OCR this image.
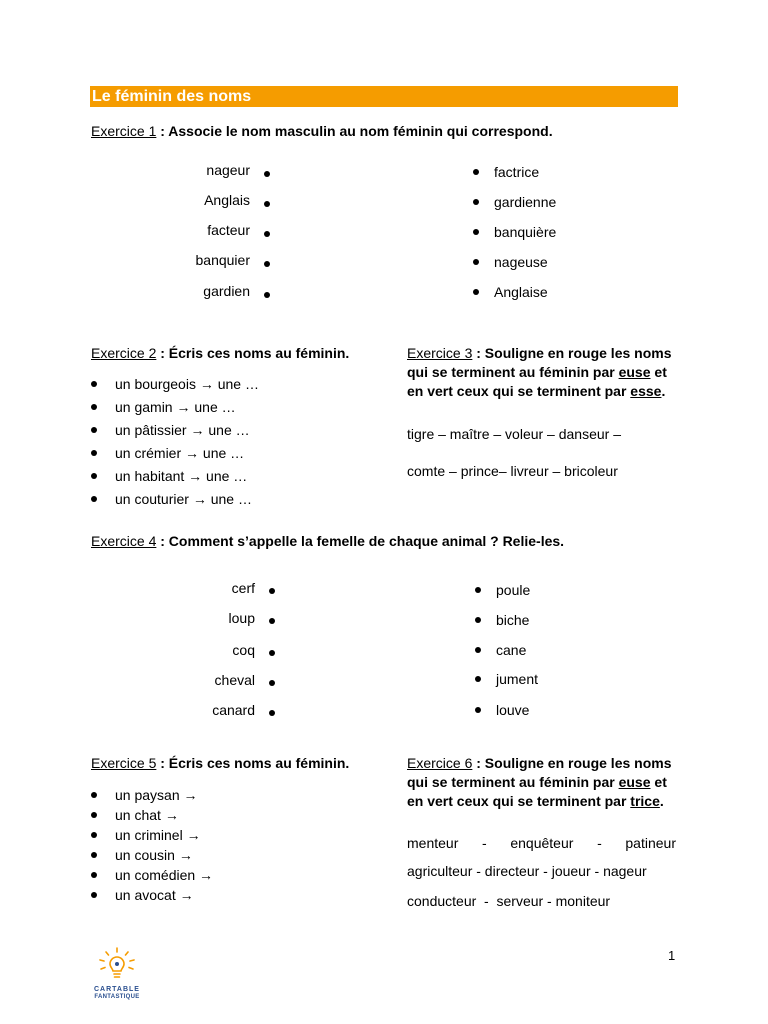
Le féminin des noms
Exercice 1 : Associe le nom masculin au nom féminin qui correspond.
nageur
Anglais
facteur
banquier
gardien
factrice
gardienne
banquière
nageuse
Anglaise
Exercice 2 : Écris ces noms au féminin.
un bourgeois → une …
un gamin → une …
un pâtissier → une …
un crémier → une …
un habitant → une …
un couturier → une …
Exercice 3 : Souligne en rouge les noms
qui se terminent au féminin par euse et
en vert ceux qui se terminent par esse.
tigre – maître – voleur – danseur –
comte – prince– livreur – bricoleur
Exercice 4 : Comment s’appelle la femelle de chaque animal ? Relie-les.
cerf
loup
coq
cheval
canard
poule
biche
cane
jument
louve
Exercice 5 : Écris ces noms au féminin.
un paysan →
un chat →
un criminel →
un cousin →
un comédien →
un avocat →
Exercice 6 : Souligne en rouge les noms
qui se terminent au féminin par euse et
en vert ceux qui se terminent par trice.
menteur - enquêteur - patineur
agriculteur - directeur - joueur - nageur
conducteur  -  serveur - moniteur
1
CARTABLE
FANTASTIQUE
